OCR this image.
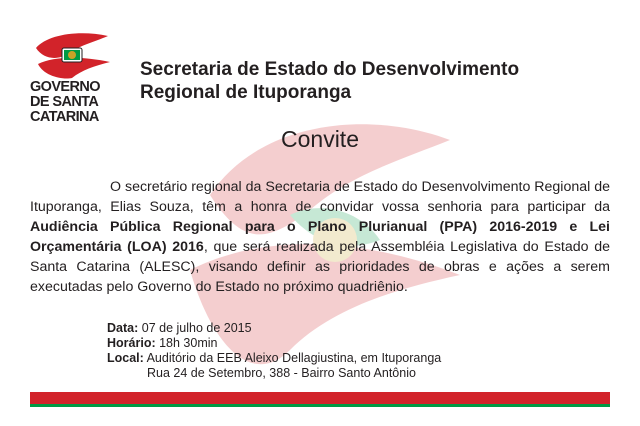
GOVERNO
DE SANTA
CATARINA
Secretaria de Estado do Desenvolvimento
Regional de Ituporanga
Convite
O secretário regional da Secretaria de Estado do Desenvolvimento Regional de Ituporanga, Elias Souza, têm a honra de convidar vossa senhoria para participar da Audiência Pública Regional para o Plano Plurianual (PPA) 2016-2019 e Lei Orçamentária (LOA) 2016, que será realizada pela Assembléia Legislativa do Estado de Santa Catarina (ALESC), visando definir as prioridades de obras e ações a serem executadas pelo Governo do Estado no próximo quadriênio.
Data: 07 de julho de 2015
Horário: 18h 30min
Local: Auditório da EEB Aleixo Dellagiustina, em Ituporanga
Rua 24 de Setembro, 388 - Bairro Santo Antônio
